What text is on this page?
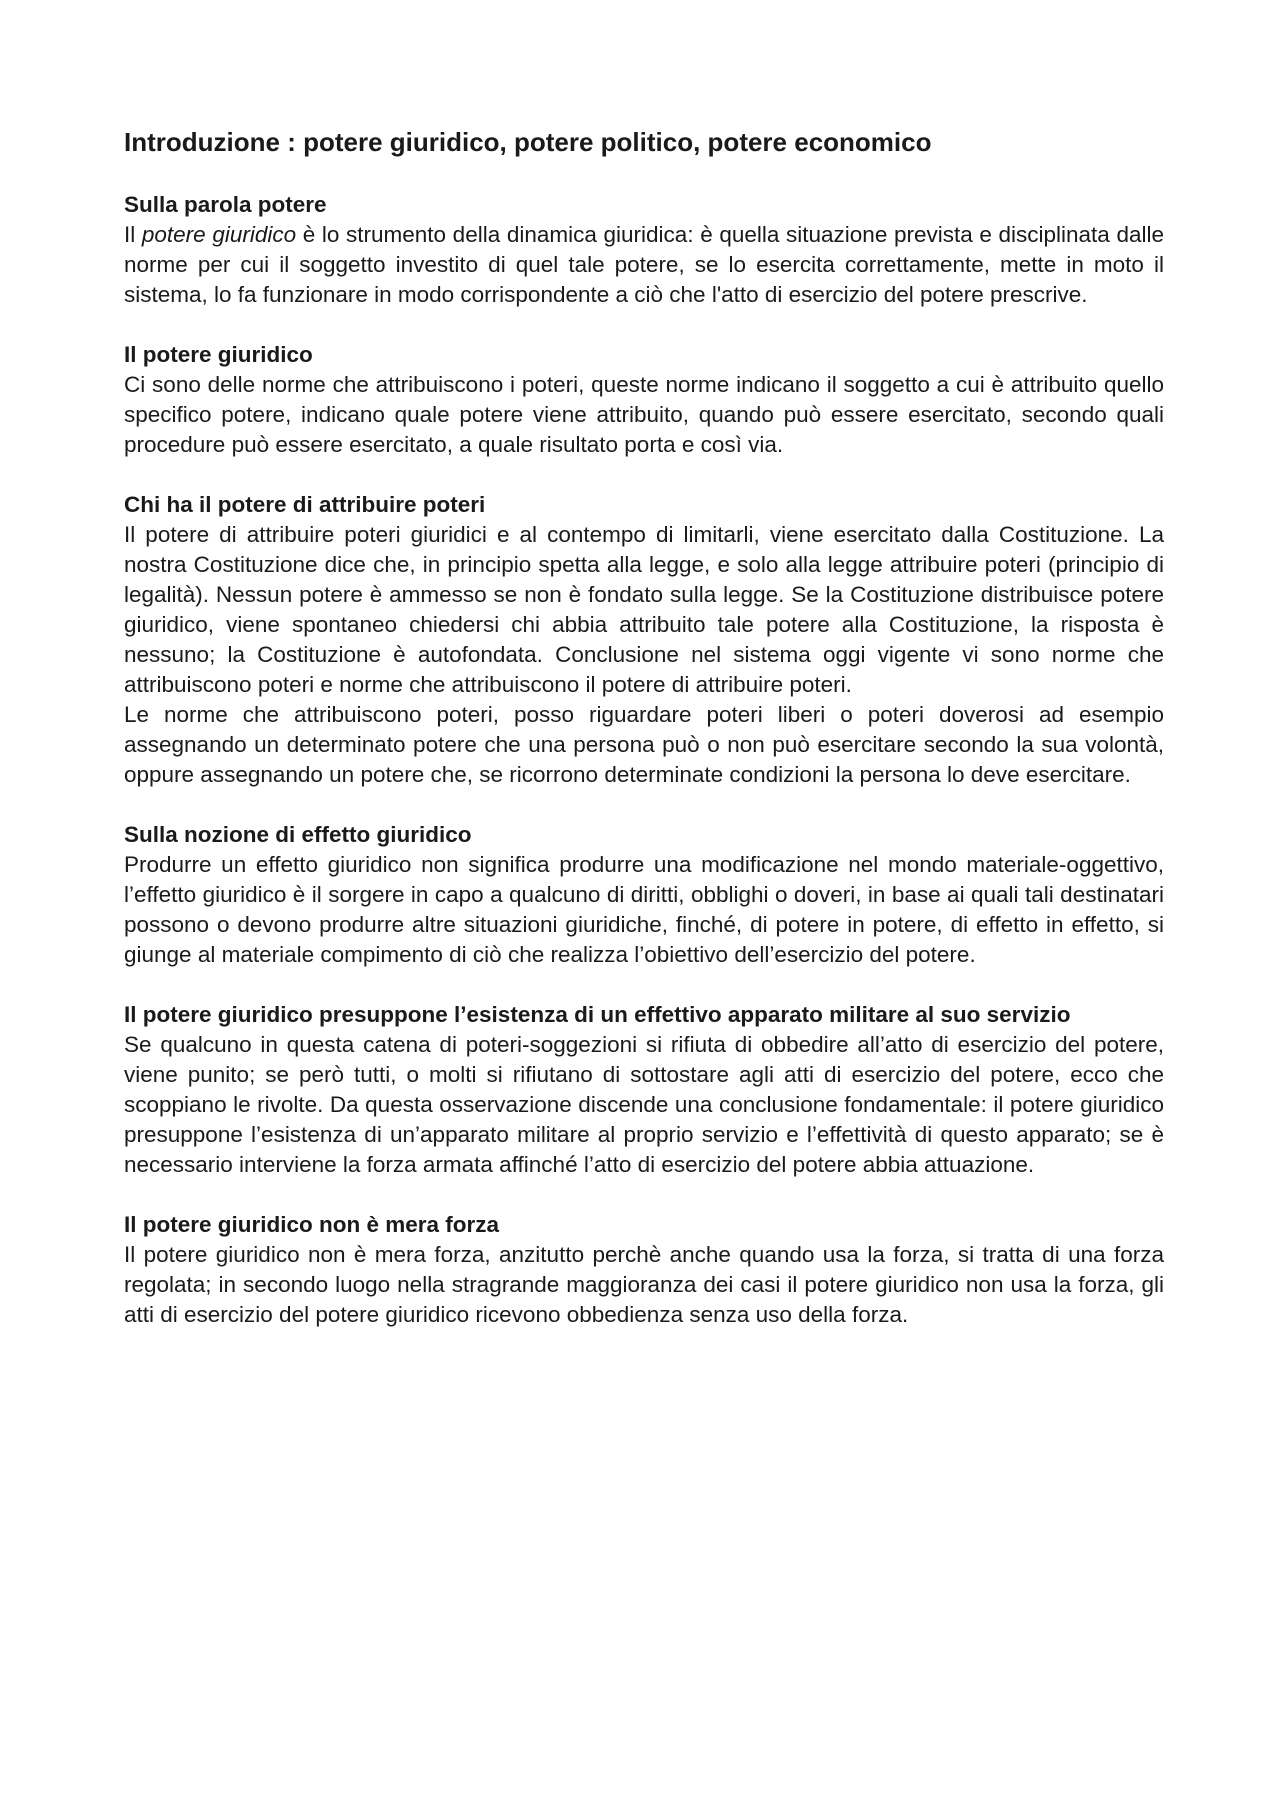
Introduzione : potere giuridico, potere politico, potere economico
Sulla parola potere

Il potere giuridico è lo strumento della dinamica giuridica: è quella situazione prevista e disciplinata dalle norme per cui il soggetto investito di quel tale potere, se lo esercita correttamente, mette in moto il sistema, lo fa funzionare in modo corrispondente a ciò che l'atto di esercizio del potere prescrive.

Il potere giuridico

Ci sono delle norme che attribuiscono i poteri, queste norme indicano il soggetto a cui è attribuito quello specifico potere, indicano quale potere viene attribuito, quando può essere esercitato, secondo quali procedure può essere esercitato, a quale risultato porta e così via.

Chi ha il potere di attribuire poteri

Il potere di attribuire poteri giuridici e al contempo di limitarli, viene esercitato dalla Costituzione. La nostra Costituzione dice che, in principio spetta alla legge, e solo alla legge attribuire poteri (principio di legalità). Nessun potere è ammesso se non è fondato sulla legge. Se la Costituzione distribuisce potere giuridico, viene spontaneo chiedersi chi abbia attribuito tale potere alla Costituzione, la risposta è nessuno; la Costituzione è autofondata. Conclusione nel sistema oggi vigente vi sono norme che attribuiscono poteri e norme che attribuiscono il potere di attribuire poteri.

Le norme che attribuiscono poteri, posso riguardare poteri liberi o poteri doverosi ad esempio assegnando un determinato potere che una persona può o non può esercitare secondo la sua volontà, oppure assegnando un potere che, se ricorrono determinate condizioni la persona lo deve esercitare.

Sulla nozione di effetto giuridico

Produrre un effetto giuridico non significa produrre una modificazione nel mondo materiale-oggettivo, l’effetto giuridico è il sorgere in capo a qualcuno di diritti, obblighi o doveri, in base ai quali tali destinatari possono o devono produrre altre situazioni giuridiche, finché, di potere in potere, di effetto in effetto, si giunge al materiale compimento di ciò che realizza l’obiettivo dell’esercizio del potere.

Il potere giuridico presuppone l’esistenza di un effettivo apparato militare al suo servizio

Se qualcuno in questa catena di poteri-soggezioni si rifiuta di obbedire all’atto di esercizio del potere, viene punito; se però tutti, o molti si rifiutano di sottostare agli atti di esercizio del potere, ecco che scoppiano le rivolte. Da questa osservazione discende una conclusione fondamentale: il potere giuridico presuppone l’esistenza di un’apparato militare al proprio servizio e l’effettività di questo apparato; se è necessario interviene la forza armata affinché l’atto di esercizio del potere abbia attuazione.

Il potere giuridico non è mera forza

Il potere giuridico non è mera forza, anzitutto perchè anche quando usa la forza, si tratta di una forza regolata; in secondo luogo nella stragrande maggioranza dei casi il potere giuridico non usa la forza, gli atti di esercizio del potere giuridico ricevono obbedienza senza uso della forza.
